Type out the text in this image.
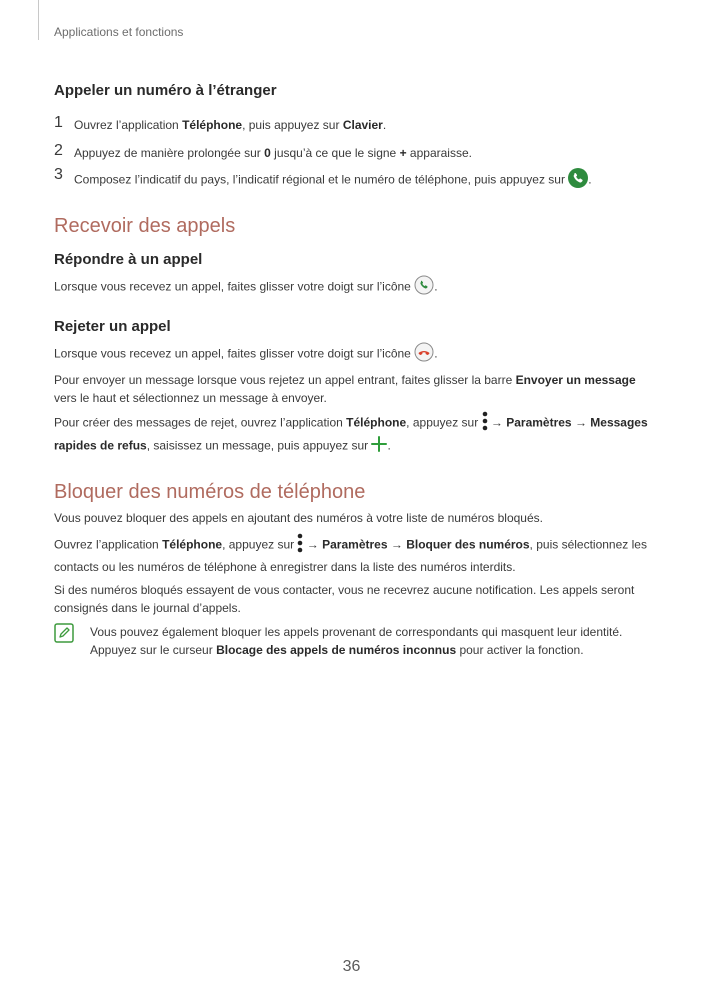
Applications et fonctions

Appeler un numéro à l’étranger

1 Ouvrez l’application Téléphone, puis appuyez sur Clavier.

2 Appuyez de manière prolongée sur 0 jusqu’à ce que le signe + apparaisse.

3 Composez l’indicatif du pays, l’indicatif régional et le numéro de téléphone, puis appuyez sur .

Recevoir des appels

Répondre à un appel

Lorsque vous recevez un appel, faites glisser votre doigt sur l’icône .

Rejeter un appel

Lorsque vous recevez un appel, faites glisser votre doigt sur l’icône .

Pour envoyer un message lorsque vous rejetez un appel entrant, faites glisser la barre Envoyer un message vers le haut et sélectionnez un message à envoyer.

Pour créer des messages de rejet, ouvrez l’application Téléphone, appuyez sur  → Paramètres → Messages rapides de refus, saisissez un message, puis appuyez sur .

Bloquer des numéros de téléphone

Vous pouvez bloquer des appels en ajoutant des numéros à votre liste de numéros bloqués.

Ouvrez l’application Téléphone, appuyez sur  → Paramètres → Bloquer des numéros, puis sélectionnez les contacts ou les numéros de téléphone à enregistrer dans la liste des numéros interdits.

Si des numéros bloqués essayent de vous contacter, vous ne recevrez aucune notification. Les appels seront consignés dans le journal d’appels.

Vous pouvez également bloquer les appels provenant de correspondants qui masquent leur identité. Appuyez sur le curseur Blocage des appels de numéros inconnus pour activer la fonction.

36
